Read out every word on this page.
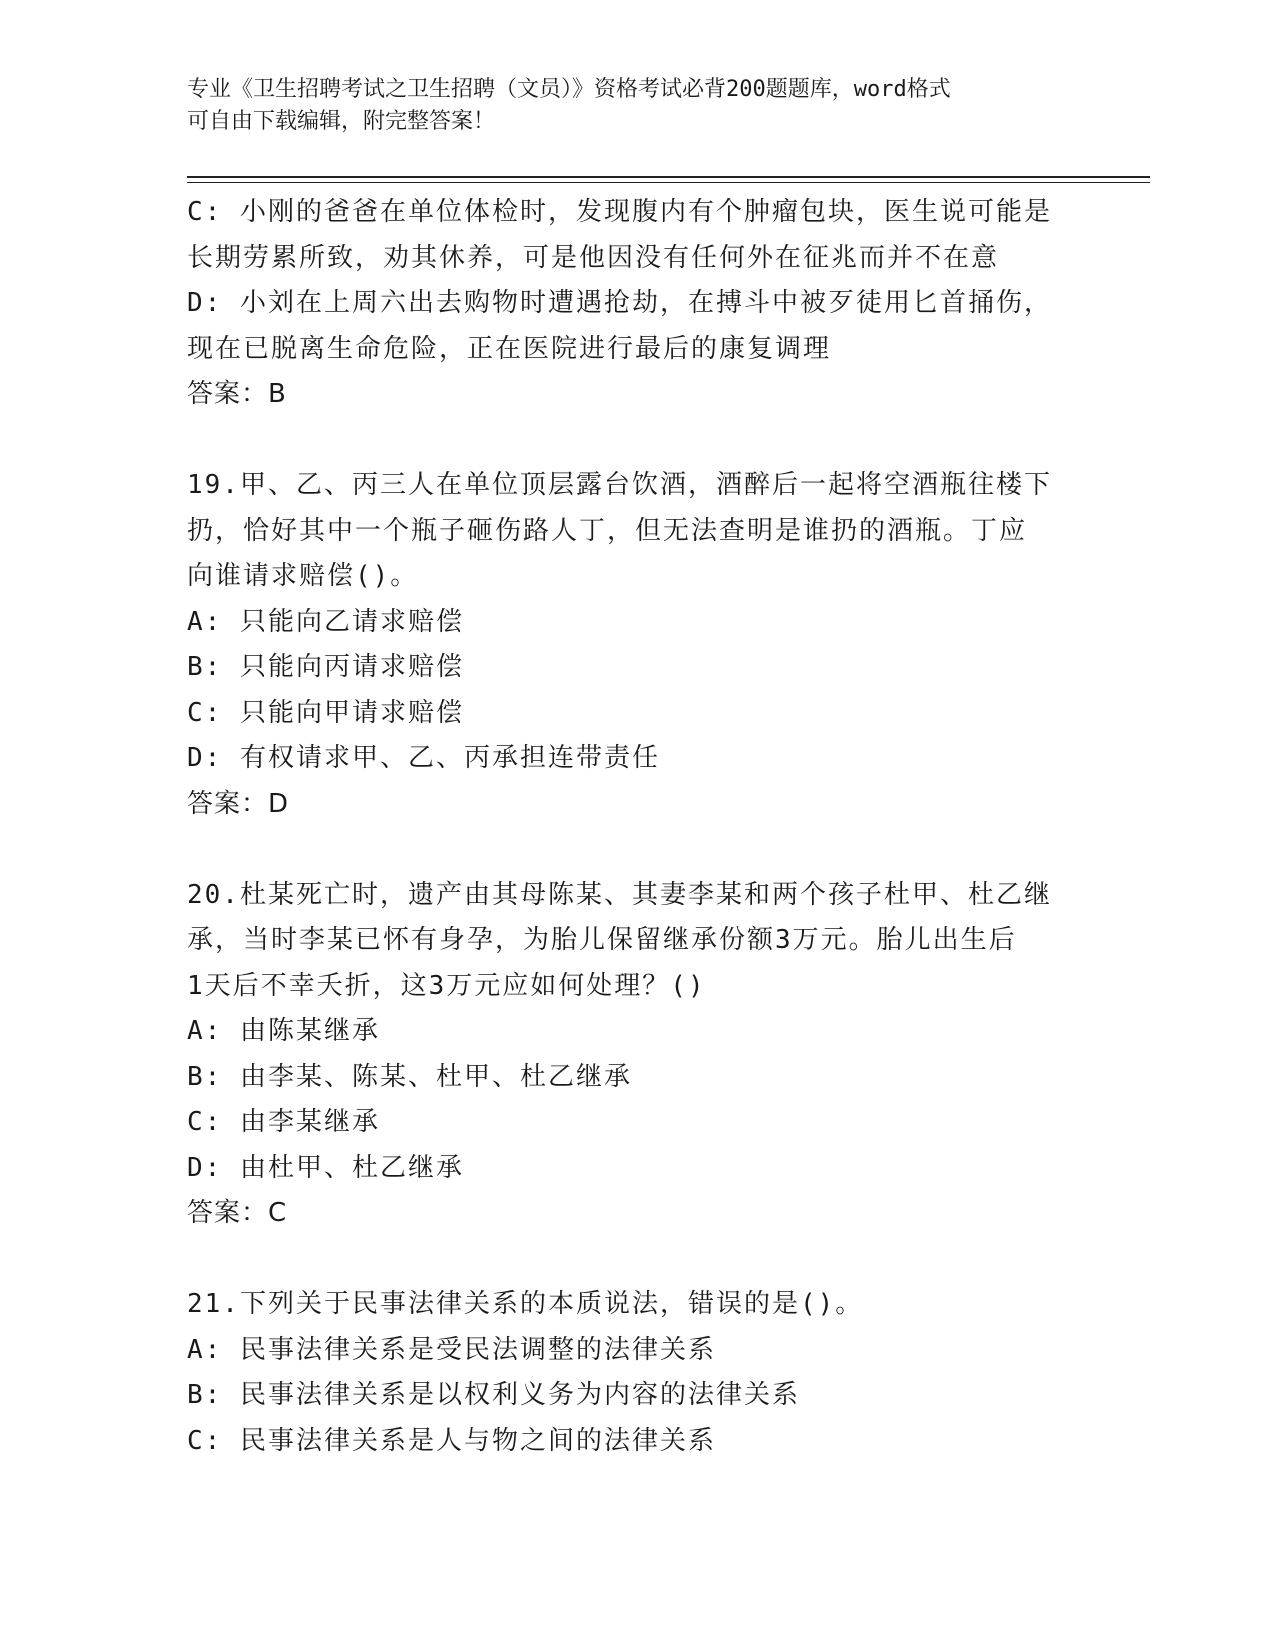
专业《卫生招聘考试之卫生招聘（文员）》资格考试必背200题题库，word格式
可自由下载编辑，附完整答案！
C: 小刚的爸爸在单位体检时，发现腹内有个肿瘤包块，医生说可能是
长期劳累所致，劝其休养，可是他因没有任何外在征兆而并不在意
D: 小刘在上周六出去购物时遭遇抢劫，在搏斗中被歹徒用匕首捅伤，
现在已脱离生命危险，正在医院进行最后的康复调理
答案：B
19.甲、乙、丙三人在单位顶层露台饮酒，酒醉后一起将空酒瓶往楼下
扔，恰好其中一个瓶子砸伤路人丁，但无法查明是谁扔的酒瓶。丁应
向谁请求赔偿()。
A: 只能向乙请求赔偿
B: 只能向丙请求赔偿
C: 只能向甲请求赔偿
D: 有权请求甲、乙、丙承担连带责任
答案：D
20.杜某死亡时，遗产由其母陈某、其妻李某和两个孩子杜甲、杜乙继
承，当时李某已怀有身孕，为胎儿保留继承份额3万元。胎儿出生后
1天后不幸夭折，这3万元应如何处理？()
A: 由陈某继承
B: 由李某、陈某、杜甲、杜乙继承
C: 由李某继承
D: 由杜甲、杜乙继承
答案：C
21.下列关于民事法律关系的本质说法，错误的是()。
A: 民事法律关系是受民法调整的法律关系
B: 民事法律关系是以权利义务为内容的法律关系
C: 民事法律关系是人与物之间的法律关系
